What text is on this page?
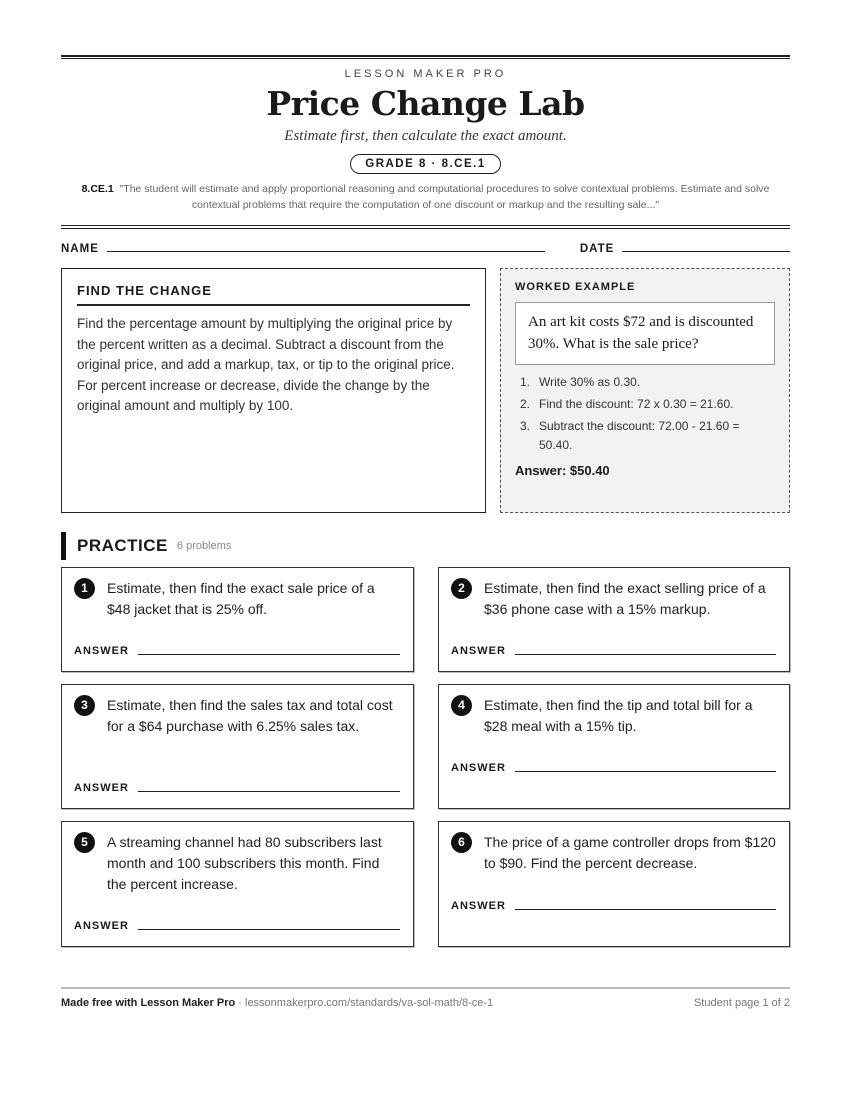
LESSON MAKER PRO
Price Change Lab
Estimate first, then calculate the exact amount.
GRADE 8 · 8.CE.1
8.CE.1 "The student will estimate and apply proportional reasoning and computational procedures to solve contextual problems. Estimate and solve contextual problems that require the computation of one discount or markup and the resulting sale..."
NAME	DATE
FIND THE CHANGE
Find the percentage amount by multiplying the original price by the percent written as a decimal. Subtract a discount from the original price, and add a markup, tax, or tip to the original price. For percent increase or decrease, divide the change by the original amount and multiply by 100.
WORKED EXAMPLE
An art kit costs $72 and is discounted 30%. What is the sale price?
1. Write 30% as 0.30.
2. Find the discount: 72 x 0.30 = 21.60.
3. Subtract the discount: 72.00 - 21.60 = 50.40.
Answer: $50.40
PRACTICE 6 problems
1	Estimate, then find the exact sale price of a $48 jacket that is 25% off.
ANSWER
2	Estimate, then find the exact selling price of a $36 phone case with a 15% markup.
ANSWER
3	Estimate, then find the sales tax and total cost for a $64 purchase with 6.25% sales tax.
ANSWER
4	Estimate, then find the tip and total bill for a $28 meal with a 15% tip.
ANSWER
5	A streaming channel had 80 subscribers last month and 100 subscribers this month. Find the percent increase.
ANSWER
6	The price of a game controller drops from $120 to $90. Find the percent decrease.
ANSWER
Made free with Lesson Maker Pro · lessonmakerpro.com/standards/va-sol-math/8-ce-1	Student page 1 of 2
